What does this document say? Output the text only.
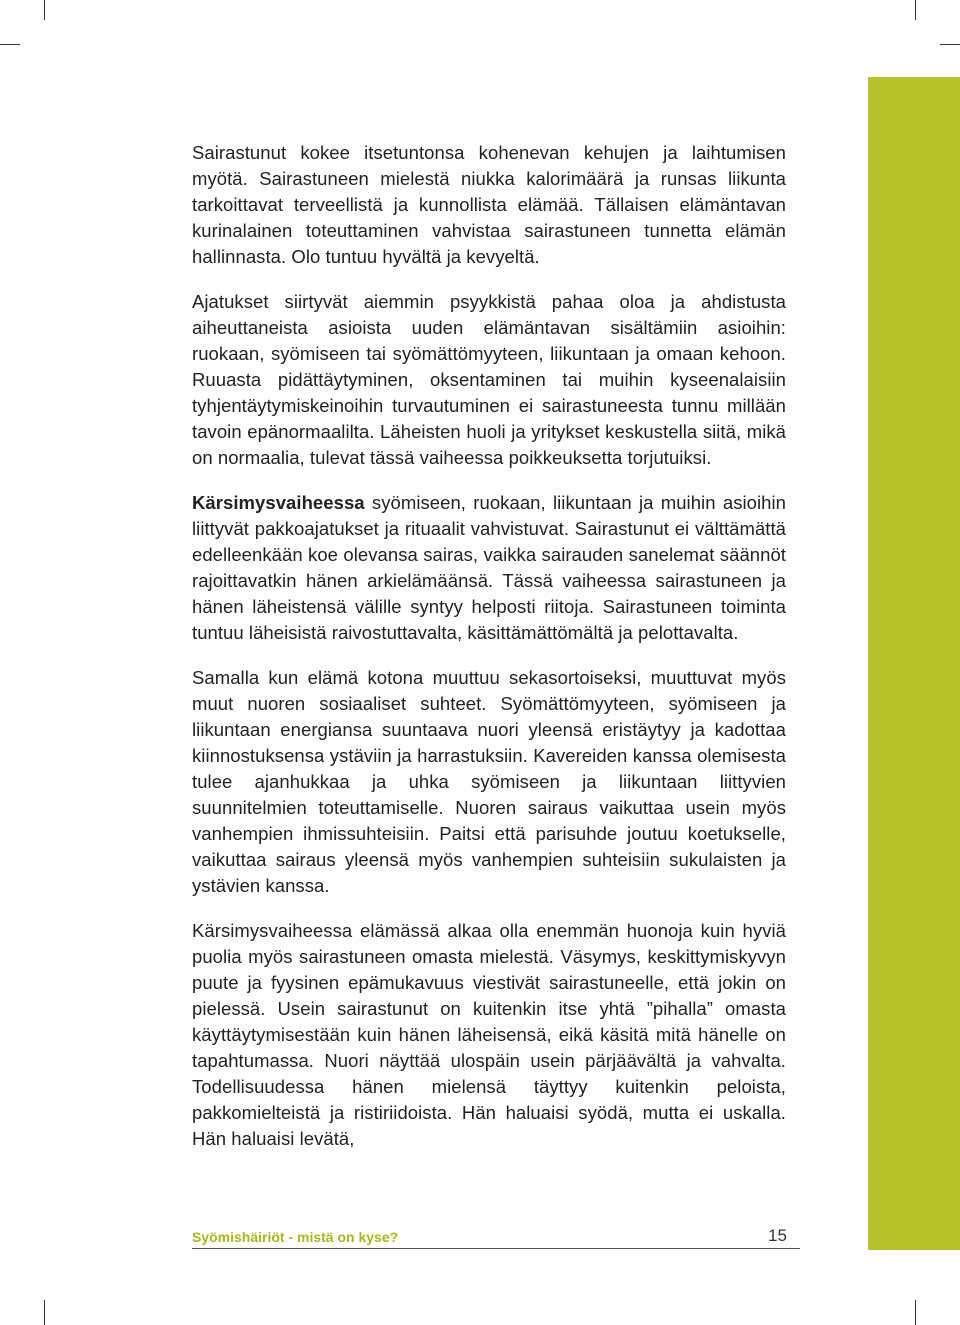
Sairastunut kokee itsetuntonsa kohenevan kehujen ja laihtumisen myötä. Sairastuneen mielestä niukka kalorimäärä ja runsas liikunta tarkoittavat terveellistä ja kunnollista elämää. Tällaisen elämäntavan kurinalainen toteuttaminen vahvistaa sairastuneen tunnetta elämän hallinnasta. Olo tuntuu hyvältä ja kevyeltä.

Ajatukset siirtyvät aiemmin psyykkistä pahaa oloa ja ahdistusta aiheuttaneista asioista uuden elämäntavan sisältämiin asioihin: ruokaan, syömiseen tai syömättömyyteen, liikuntaan ja omaan kehoon. Ruuasta pidättäytyminen, oksentaminen tai muihin kyseenalaisiin tyhjentäytymiskeinoihin turvautuminen ei sairastuneesta tunnu millään tavoin epänormaalilta. Läheisten huoli ja yritykset keskustella siitä, mikä on normaalia, tulevat tässä vaiheessa poikkeuksetta torjutuiksi.

Kärsimysvaiheessa syömiseen, ruokaan, liikuntaan ja muihin asioihin liittyvät pakkoajatukset ja rituaalit vahvistuvat. Sairastunut ei välttämättä edelleenkään koe olevansa sairas, vaikka sairauden sanelemat säännöt rajoittavatkin hänen arkielämäänsä. Tässä vaiheessa sairastuneen ja hänen läheistensä välille syntyy helposti riitoja. Sairastuneen toiminta tuntuu läheisistä raivostuttavalta, käsittämättömältä ja pelottavalta.

Samalla kun elämä kotona muuttuu sekasortoiseksi, muuttuvat myös muut nuoren sosiaaliset suhteet. Syömättömyyteen, syömiseen ja liikuntaan energiansa suuntaava nuori yleensä eristäytyy ja kadottaa kiinnostuksensa ystäviin ja harrastuksiin. Kavereiden kanssa olemisesta tulee ajanhukkaa ja uhka syömiseen ja liikuntaan liittyvien suunnitelmien toteuttamiselle. Nuoren sairaus vaikuttaa usein myös vanhempien ihmissuhteisiin. Paitsi että parisuhde joutuu koetukselle, vaikuttaa sairaus yleensä myös vanhempien suhteisiin sukulaisten ja ystävien kanssa.

Kärsimysvaiheessa elämässä alkaa olla enemmän huonoja kuin hyviä puolia myös sairastuneen omasta mielestä. Väsymys, keskittymiskyvyn puute ja fyysinen epämukavuus viestivät sairastuneelle, että jokin on pielessä. Usein sairastunut on kuitenkin itse yhtä ”pihalla” omasta käyttäytymisestään kuin hänen läheisensä, eikä käsitä mitä hänelle on tapahtumassa. Nuori näyttää ulospäin usein pärjäävältä ja vahvalta. Todellisuudessa hänen mielensä täyttyy kuitenkin peloista, pakkomielteistä ja ristiriidoista. Hän haluaisi syödä, mutta ei uskalla. Hän haluaisi levätä,

Syömishäiriöt - mistä on kyse?	15
